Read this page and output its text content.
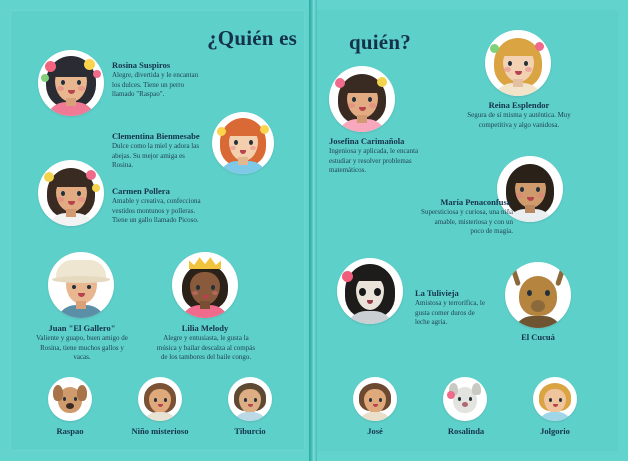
¿Quién es
Rosina Suspiros
Alegre, divertida y le encantan los dulces. Tiene un perro llamado "Raspao".
Clementina Bienmesabe
Dulce como la miel y adora las abejas. Su mejor amiga es Rosina.
Carmen Pollera
Amable y creativa, confecciona vestidos montunos y polleras. Tiene un gallo llamado Picoso.
Juan "El Gallero"
Valiente y guapo, buen amigo de Rosina, tiene muchos gallos y vacas.
Lilia Melody
Alegre y entusiasta, le gusta la música y bailar descalza al compás de los tambores del baile congo.
Raspao	Niño misterioso	Tiburcio
quién?
Josefina Carimañola
Ingeniosa y aplicada, le encanta estudiar y resolver problemas matemáticos.
Reina Esplendor
Segura de sí misma y auténtica. Muy competitiva y algo vanidosa.
María Penaconfusa
Supersticiosa y curiosa, una niña amable, misteriosa y con un poco de magia.
La Tulivieja
Amistosa y terrorífica, le gusta comer duros de leche agria.
El Cucuá
José	Rosalinda	Jolgorio
